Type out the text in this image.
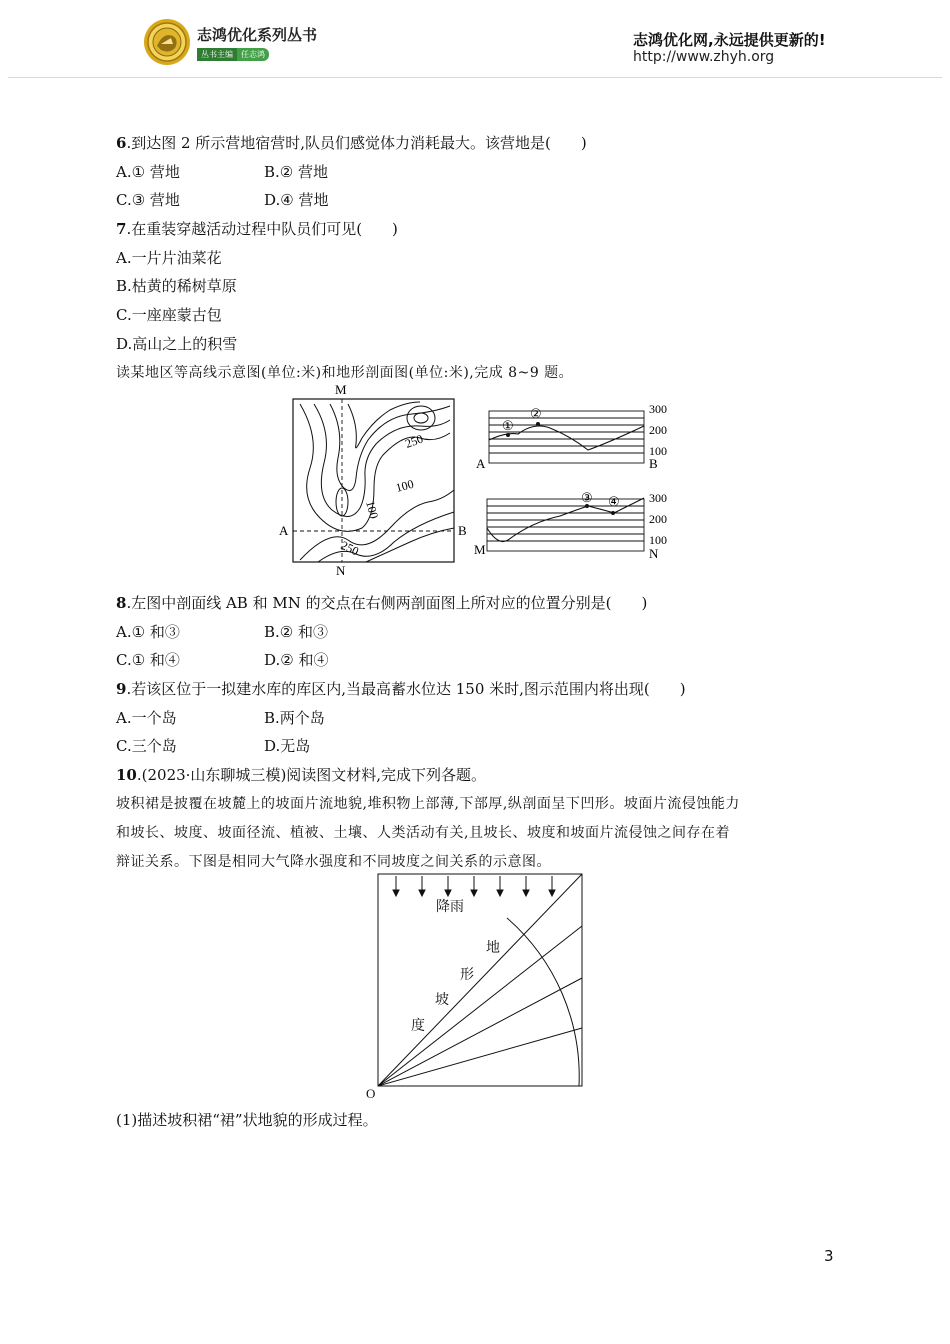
志鸿优化系列丛书
丛书主编	任志鸿
志鸿优化网,永远提供更新的!
http://www.zhyh.org
6.到达图 2 所示营地宿营时,队员们感觉体力消耗最大。该营地是(　　)
A.① 营地	B.② 营地
C.③ 营地	D.④ 营地
7.在重装穿越活动过程中队员们可见(　　)
A.一片片油菜花
B.枯黄的稀树草原
C.一座座蒙古包
D.高山之上的积雪
读某地区等高线示意图(单位:米)和地形剖面图(单位:米),完成 8~9 题。
M
N
A	B
250
100
100
250
①
②	300
200
100
A	B
③ ④ 300
200
100
M	N
8.左图中剖面线 AB 和 MN 的交点在右侧两剖面图上所对应的位置分别是(　　)
A.① 和③	B.② 和③
C.① 和④	D.② 和④
9.若该区位于一拟建水库的库区内,当最高蓄水位达 150 米时,图示范围内将出现(　　)
A.一个岛	B.两个岛
C.三个岛	D.无岛
10.(2023·山东聊城三模)阅读图文材料,完成下列各题。
坡积裙是披覆在坡麓上的坡面片流地貌,堆积物上部薄,下部厚,纵剖面呈下凹形。坡面片流侵蚀能力
和坡长、坡度、坡面径流、植被、土壤、人类活动有关,且坡长、坡度和坡面片流侵蚀之间存在着
辩证关系。下图是相同大气降水强度和不同坡度之间关系的示意图。
降雨
地
形
坡
度
O
(1)描述坡积裙“裙”状地貌的形成过程。
3
